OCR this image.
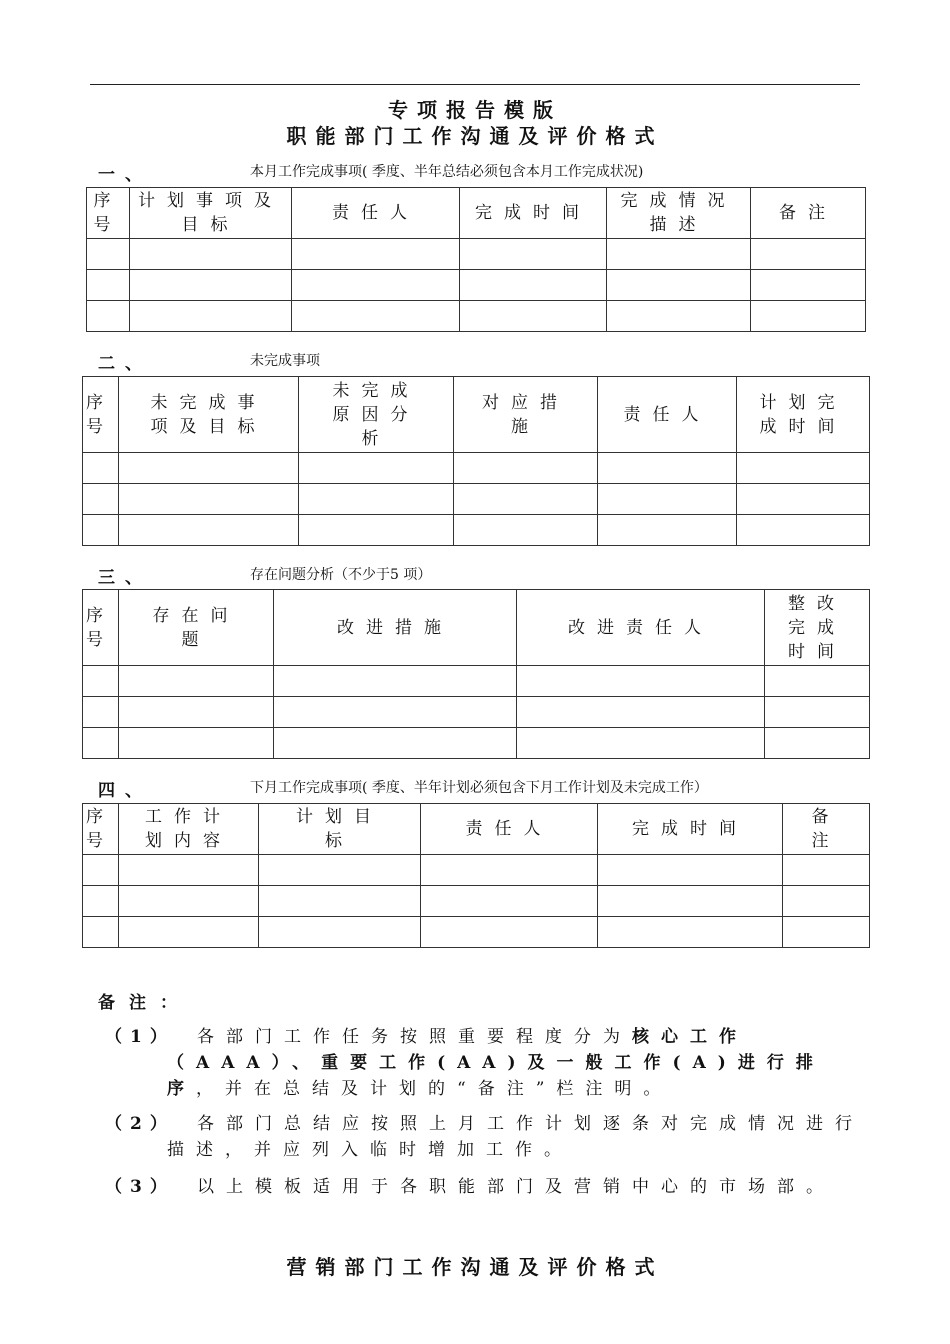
专项报告模版
职能部门工作沟通及评价格式
一、	本月工作完成事项( 季度、半年总结必须包含本月工作完成状况)
序号	计划事项及目标	责任人	完成时间	完成情况描述	备注

二、	未完成事项
序号	未完成事项及目标	未完成原因分析	对应措施	责任人	计划完成时间

三、	存在问题分析（不少于5 项）
序号	存在问题	改进措施	改进责任人	整改完成时间

四、	下月工作完成事项( 季度、半年计划必须包含下月工作计划及未完成工作）
序号	工作计划内容	计划目标	责任人	完成时间	备注

备注：
（1）	各部门工作任务按照重要程度分为核心工作（AAA）、重要工作(AA)及一般工作(A)进行排序，并在总结及计划的“备注”栏注明。
（2）	各部门总结应按照上月工作计划逐条对完成情况进行描述，并应列入临时增加工作。
（3）	以上模板适用于各职能部门及营销中心的市场部。
营销部门工作沟通及评价格式
